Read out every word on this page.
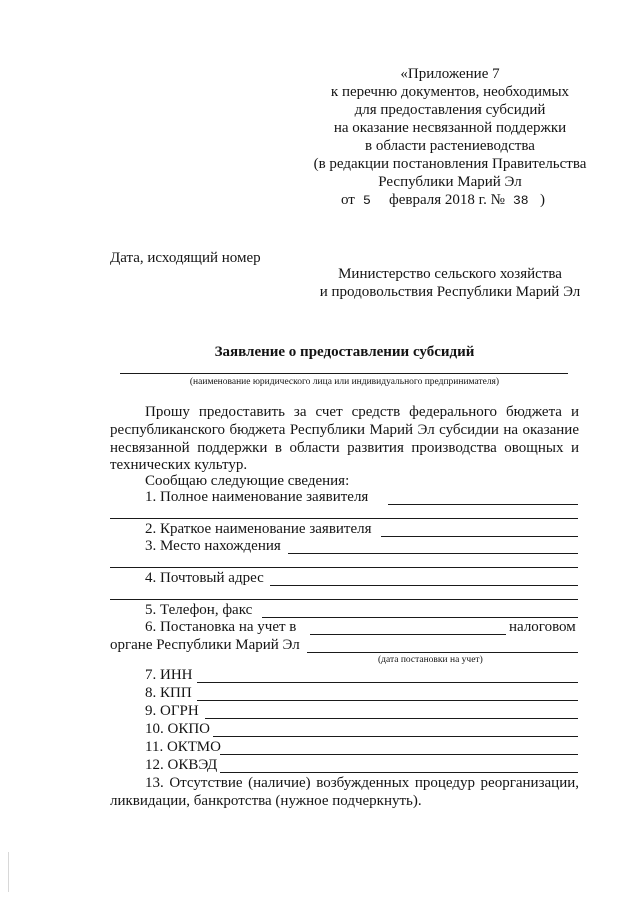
«Приложение 7
к перечню документов, необходимых
для предоставления субсидий
на оказание несвязанной поддержки
в области растениеводства
(в редакции постановления Правительства
Республики Марий Эл
от 5 февраля 2018 г. № 38 )
Дата, исходящий номер
Министерство сельского хозяйства
и продовольствия Республики Марий Эл
Заявление о предоставлении субсидий
(наименование юридического лица или индивидуального предпринимателя)
Прошу предоставить за счет средств федерального бюджета и
республиканского бюджета Республики Марий Эл субсидии на оказание
несвязанной поддержки в области развития производства овощных и
технических культур.
Сообщаю следующие сведения:
1. Полное наименование заявителя
2. Краткое наименование заявителя
3. Место нахождения
4. Почтовый адрес
5. Телефон, факс
6. Постановка на учет в	налоговом
органе Республики Марий Эл
(дата постановки на учет)
7. ИНН
8. КПП
9. ОГРН
10. ОКПО
11. ОКТМО
12. ОКВЭД
13. Отсутствие (наличие) возбужденных процедур реорганизации,
ликвидации, банкротства (нужное подчеркнуть).
